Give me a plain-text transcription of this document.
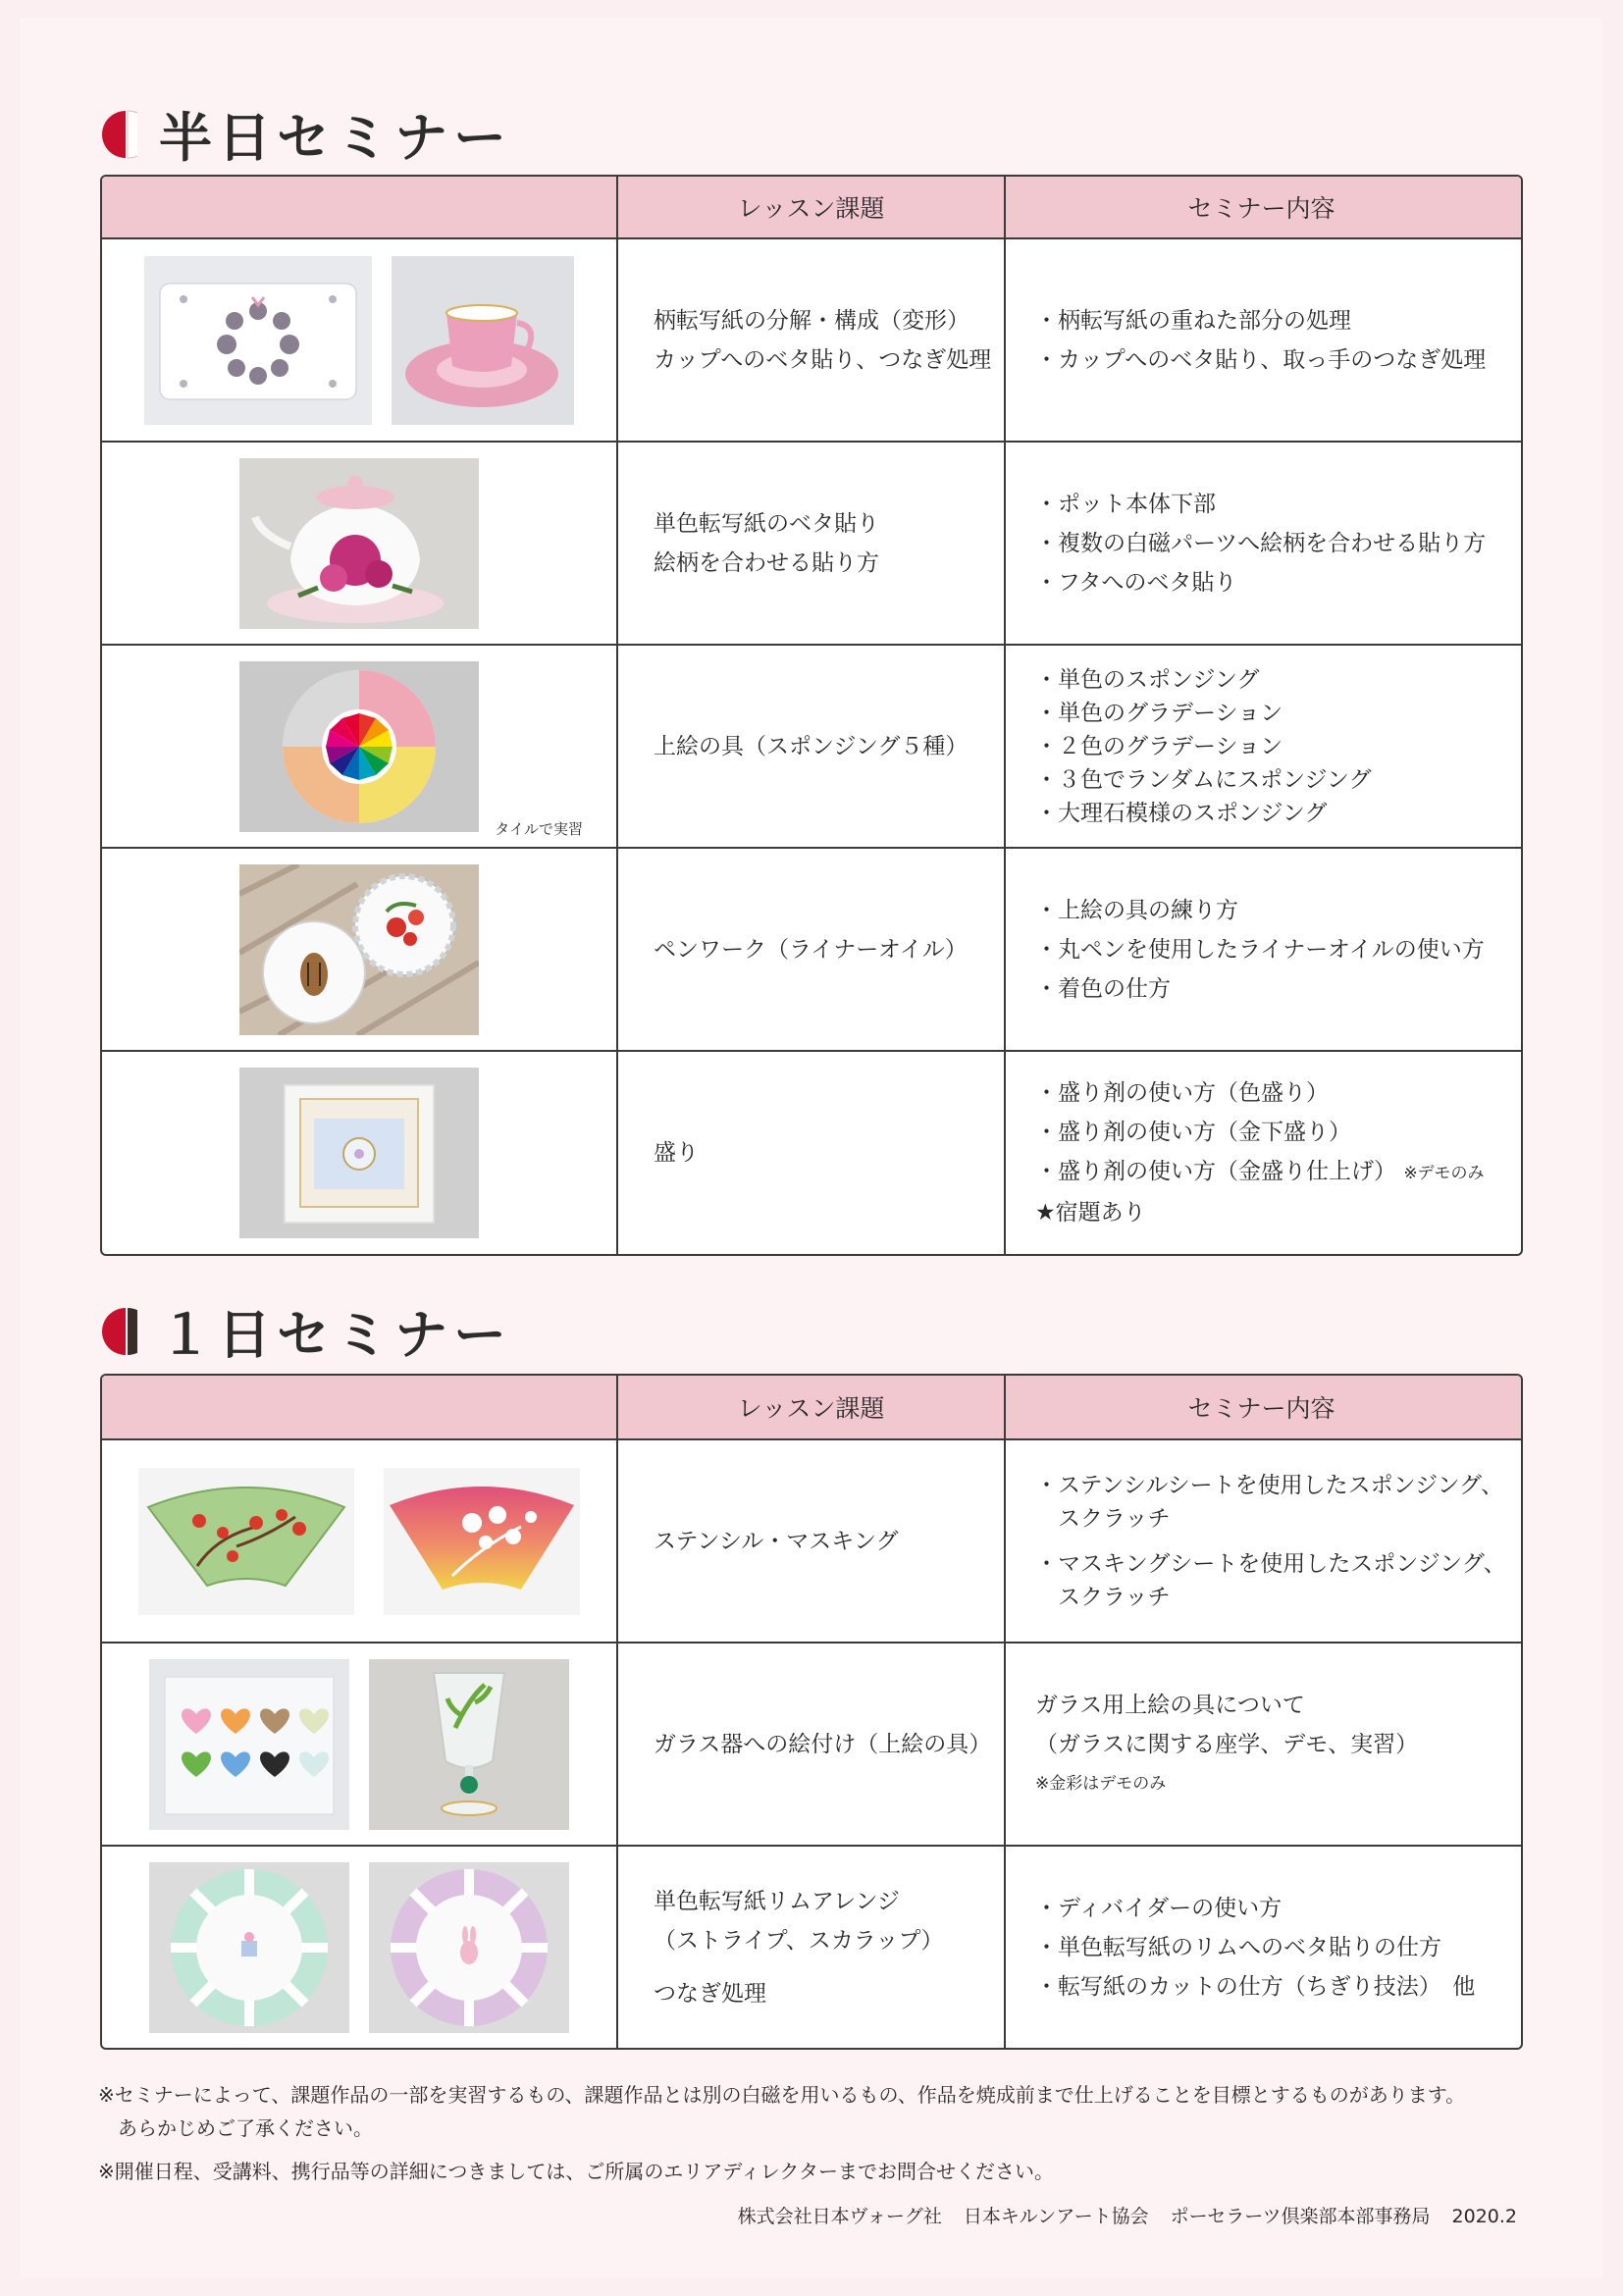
半日セミナー
レッスン課題	セミナー内容
柄転写紙の分解・構成（変形）
カップへのベタ貼り、つなぎ処理
・柄転写紙の重ねた部分の処理
・カップへのベタ貼り、取っ手のつなぎ処理
単色転写紙のベタ貼り
絵柄を合わせる貼り方
・ポット本体下部
・複数の白磁パーツへ絵柄を合わせる貼り方
・フタへのベタ貼り
タイルで実習
上絵の具（スポンジング５種）
・単色のスポンジング
・単色のグラデーション
・２色のグラデーション
・３色でランダムにスポンジング
・大理石模様のスポンジング
ペンワーク（ライナーオイル）
・上絵の具の練り方
・丸ペンを使用したライナーオイルの使い方
・着色の仕方
盛り
・盛り剤の使い方（色盛り）
・盛り剤の使い方（金下盛り）
・盛り剤の使い方（金盛り仕上げ） ※デモのみ
★宿題あり
１日セミナー
レッスン課題	セミナー内容
ステンシル・マスキング
・ステンシルシートを使用したスポンジング、
　スクラッチ
・マスキングシートを使用したスポンジング、
　スクラッチ
ガラス器への絵付け（上絵の具）
ガラス用上絵の具について
（ガラスに関する座学、デモ、実習）
※金彩はデモのみ
単色転写紙リムアレンジ
（ストライプ、スカラップ）
つなぎ処理
・ディバイダーの使い方
・単色転写紙のリムへのベタ貼りの仕方
・転写紙のカットの仕方（ちぎり技法）　他
※セミナーによって、課題作品の一部を実習するもの、課題作品とは別の白磁を用いるもの、作品を焼成前まで仕上げることを目標とするものがあります。
　あらかじめご了承ください。
※開催日程、受講料、携行品等の詳細につきましては、ご所属のエリアディレクターまでお問合せください。
株式会社日本ヴォーグ社 日本キルンアート協会 ポーセラーツ倶楽部本部事務局 2020.2
